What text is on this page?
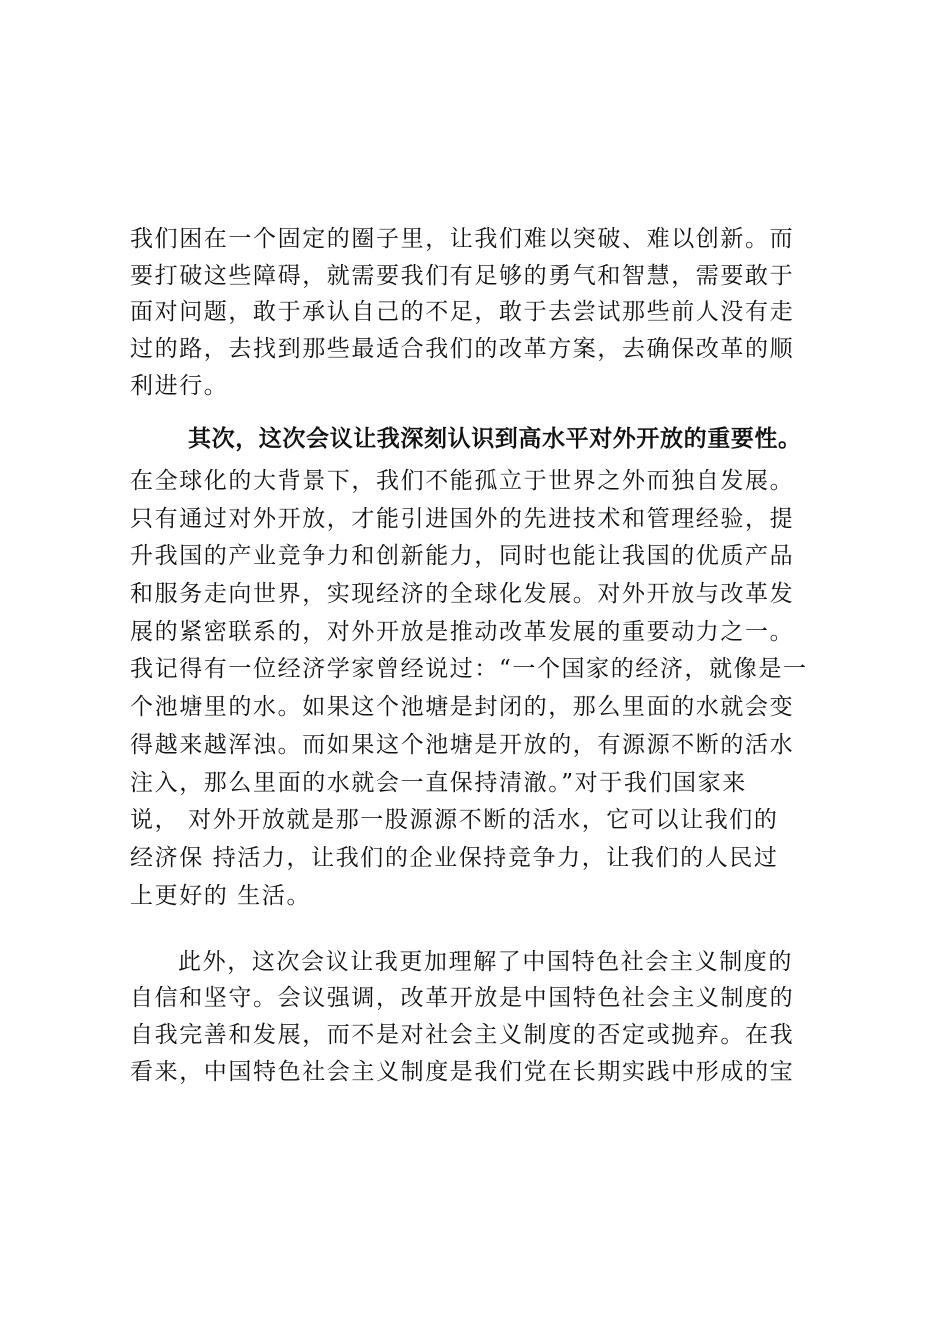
我们困在一个固定的圈子里，让我们难以突破、难以创新。而
要打破这些障碍，就需要我们有足够的勇气和智慧，需要敢于
面对问题，敢于承认自己的不足，敢于去尝试那些前人没有走
过的路，去找到那些最适合我们的改革方案，去确保改革的顺
利进行。
其次，这次会议让我深刻认识到高水平对外开放的重要性。
在全球化的大背景下，我们不能孤立于世界之外而独自发展。
只有通过对外开放，才能引进国外的先进技术和管理经验，提
升我国的产业竞争力和创新能力，同时也能让我国的优质产品
和服务走向世界，实现经济的全球化发展。对外开放与改革发
展的紧密联系的，对外开放是推动改革发展的重要动力之一。
我记得有一位经济学家曾经说过：“一个国家的经济，就像是一
个池塘里的水。如果这个池塘是封闭的，那么里面的水就会变
得越来越浑浊。而如果这个池塘是开放的，有源源不断的活水
注入，那么里面的水就会一直保持清澈。”对于我们国家来
说， 对外开放就是那一股源源不断的活水，它可以让我们的
经济保 持活力，让我们的企业保持竞争力，让我们的人民过
上更好的 生活。
此外，这次会议让我更加理解了中国特色社会主义制度的
自信和坚守。会议强调，改革开放是中国特色社会主义制度的
自我完善和发展，而不是对社会主义制度的否定或抛弃。在我
看来，中国特色社会主义制度是我们党在长期实践中形成的宝
